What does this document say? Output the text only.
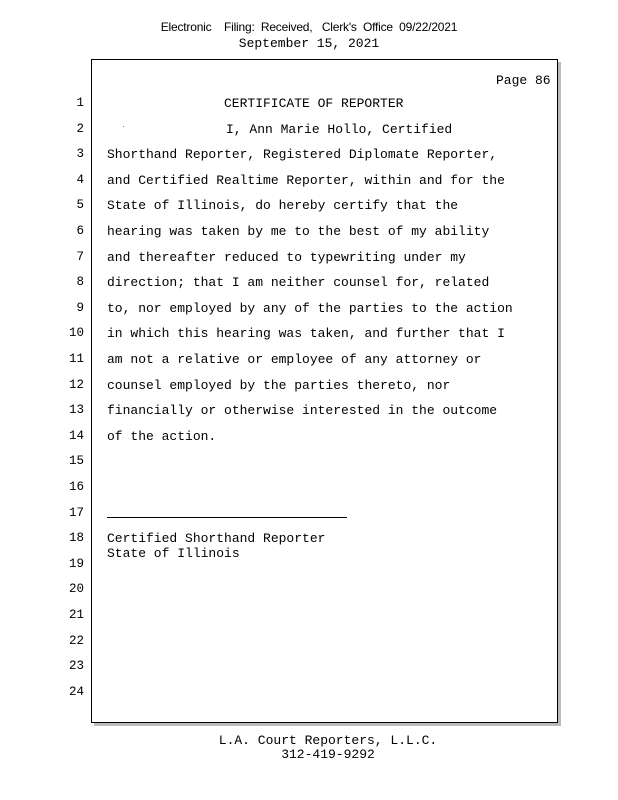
Electronic    Filing:  Received,   Clerk's  Office  09/22/2021
September 15, 2021
Page 86
1
2
3
4
5
6
7
8
9
10
11
12
13
14
15
16
17
18
19
20
21
22
23
24
CERTIFICATE OF REPORTER
I, Ann Marie Hollo, Certified
Shorthand Reporter, Registered Diplomate Reporter,
and Certified Realtime Reporter, within and for the
State of Illinois, do hereby certify that the
hearing was taken by me to the best of my ability
and thereafter reduced to typewriting under my
direction; that I am neither counsel for, related
to, nor employed by any of the parties to the action
in which this hearing was taken, and further that I
am not a relative or employee of any attorney or
counsel employed by the parties thereto, nor
financially or otherwise interested in the outcome
of the action.
Certified Shorthand Reporter
State of Illinois
L.A. Court Reporters, L.L.C.
312-419-9292
